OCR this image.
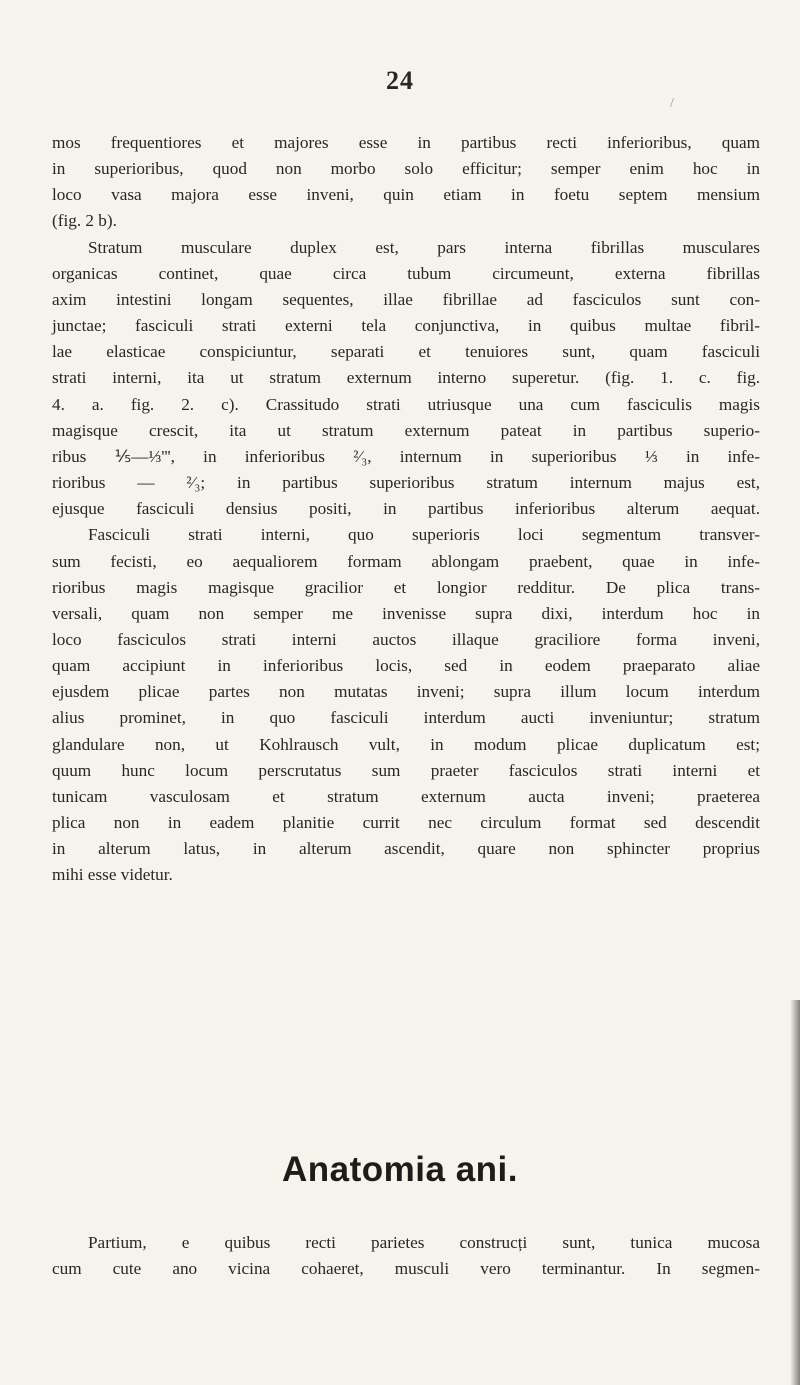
24
/
mos frequentiores et majores esse in partibus recti inferioribus, quam
in superioribus, quod non morbo solo efficitur; semper enim hoc in
loco vasa majora esse inveni, quin etiam in foetu septem mensium
(fig. 2 b).
Stratum musculare duplex est, pars interna fibrillas musculares
organicas continet, quae circa tubum circumeunt, externa fibrillas
axim intestini longam sequentes, illae fibrillae ad fasciculos sunt con-
junctae; fasciculi strati externi tela conjunctiva, in quibus multae fibril-
lae elasticae conspiciuntur, separati et tenuiores sunt, quam fasciculi
strati interni, ita ut stratum externum interno superetur. (fig. 1. c. fig.
4. a. fig. 2. c). Crassitudo strati utriusque una cum fasciculis magis
magisque crescit, ita ut stratum externum pateat in partibus superio-
ribus ⅕—⅓''', in inferioribus ²⁄₃, internum in superioribus ⅓ in infe-
rioribus — ²⁄₃; in partibus superioribus stratum internum majus est,
ejusque fasciculi densius positi, in partibus inferioribus alterum aequat.
Fasciculi strati interni, quo superioris loci segmentum transver-
sum fecisti, eo aequaliorem formam ablongam praebent, quae in infe-
rioribus magis magisque gracilior et longior redditur. De plica trans-
versali, quam non semper me invenisse supra dixi, interdum hoc in
loco fasciculos strati interni auctos illaque graciliore forma inveni,
quam accipiunt in inferioribus locis, sed in eodem praeparato aliae
ejusdem plicae partes non mutatas inveni; supra illum locum interdum
alius prominet, in quo fasciculi interdum aucti inveniuntur; stratum
glandulare non, ut Kohlrausch vult, in modum plicae duplicatum est;
quum hunc locum perscrutatus sum praeter fasciculos strati interni et
tunicam vasculosam et stratum externum aucta inveni; praeterea
plica non in eadem planitie currit nec circulum format sed descendit
in alterum latus, in alterum ascendit, quare non sphincter proprius
mihi esse videtur.
Anatomia ani.
Partium, e quibus recti parietes construcți sunt, tunica mucosa
cum cute ano vicina cohaeret, musculi vero terminantur. In segmen-
